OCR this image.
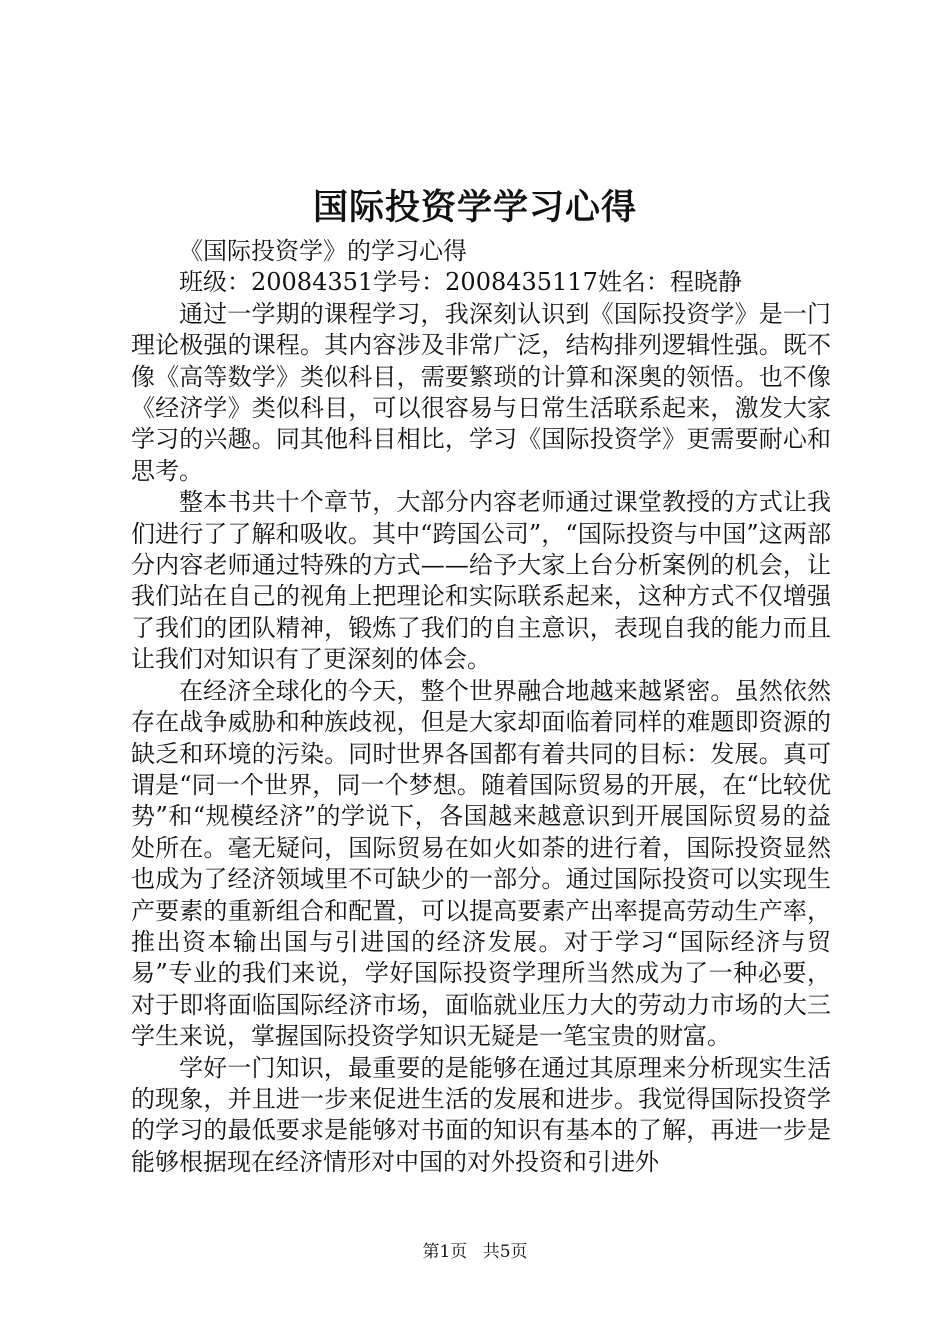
国际投资学学习心得

《国际投资学》的学习心得

班级：20084351学号：2008435117姓名：程晓静

通过一学期的课程学习，我深刻认识到《国际投资学》是一门理论极强的课程。其内容涉及非常广泛，结构排列逻辑性强。既不像《高等数学》类似科目，需要繁琐的计算和深奥的领悟。也不像《经济学》类似科目，可以很容易与日常生活联系起来，激发大家学习的兴趣。同其他科目相比，学习《国际投资学》更需要耐心和思考。

整本书共十个章节，大部分内容老师通过课堂教授的方式让我们进行了了解和吸收。其中“跨国公司”，“国际投资与中国”这两部分内容老师通过特殊的方式——给予大家上台分析案例的机会，让我们站在自己的视角上把理论和实际联系起来，这种方式不仅增强了我们的团队精神，锻炼了我们的自主意识，表现自我的能力而且让我们对知识有了更深刻的体会。

在经济全球化的今天，整个世界融合地越来越紧密。虽然依然存在战争威胁和种族歧视，但是大家却面临着同样的难题即资源的缺乏和环境的污染。同时世界各国都有着共同的目标：发展。真可谓是“同一个世界，同一个梦想。随着国际贸易的开展，在“比较优势”和“规模经济”的学说下，各国越来越意识到开展国际贸易的益处所在。毫无疑问，国际贸易在如火如荼的进行着，国际投资显然也成为了经济领域里不可缺少的一部分。通过国际投资可以实现生产要素的重新组合和配置，可以提高要素产出率提高劳动生产率，推出资本输出国与引进国的经济发展。对于学习“国际经济与贸易”专业的我们来说，学好国际投资学理所当然成为了一种必要，对于即将面临国际经济市场，面临就业压力大的劳动力市场的大三学生来说，掌握国际投资学知识无疑是一笔宝贵的财富。

学好一门知识，最重要的是能够在通过其原理来分析现实生活的现象，并且进一步来促进生活的发展和进步。我觉得国际投资学的学习的最低要求是能够对书面的知识有基本的了解，再进一步是能够根据现在经济情形对中国的对外投资和引进外

第1页 共5页
